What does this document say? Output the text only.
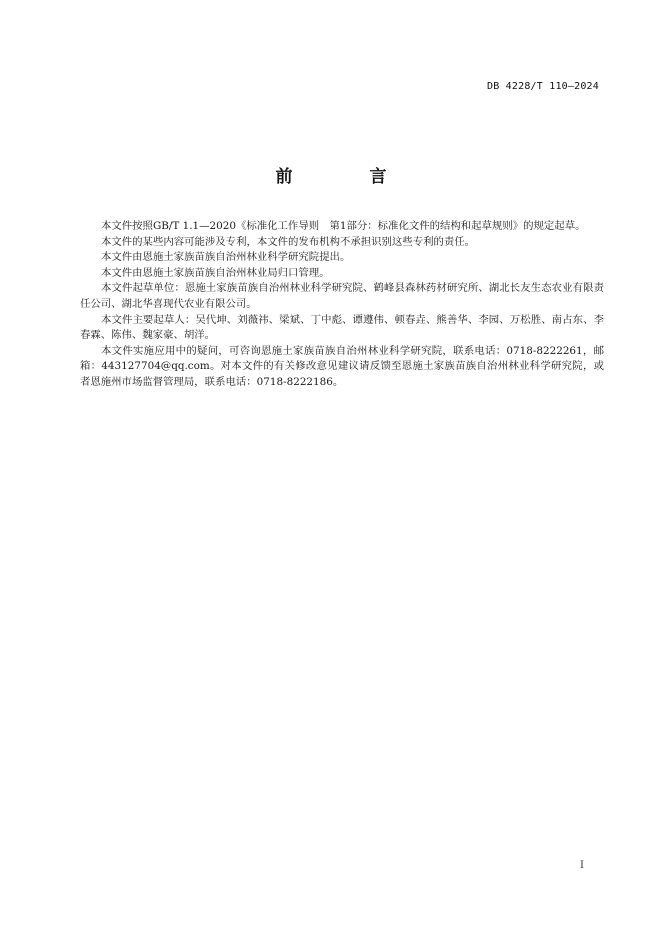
DB 4228/T 110—2024
前　言

本文件按照GB/T 1.1—2020《标准化工作导则　第1部分：标准化文件的结构和起草规则》的规定起草。

本文件的某些内容可能涉及专利，本文件的发布机构不承担识别这些专利的责任。

本文件由恩施土家族苗族自治州林业科学研究院提出。

本文件由恩施土家族苗族自治州林业局归口管理。

本文件起草单位：恩施土家族苗族自治州林业科学研究院、鹤峰县森林药材研究所、湖北长友生态农业有限责任公司、湖北华喜现代农业有限公司。

本文件主要起草人：吴代坤、刘薇祎、梁斌、丁中彪、谭遵伟、顿春垚、熊善华、李园、万松胜、南占东、李春霖、陈伟、魏家豪、胡洋。

本文件实施应用中的疑问，可咨询恩施土家族苗族自治州林业科学研究院，联系电话：0718-8222261，邮箱：443127704@qq.com。对本文件的有关修改意见建议请反馈至恩施土家族苗族自治州林业科学研究院，或者恩施州市场监督管理局，联系电话：0718-8222186。

I
